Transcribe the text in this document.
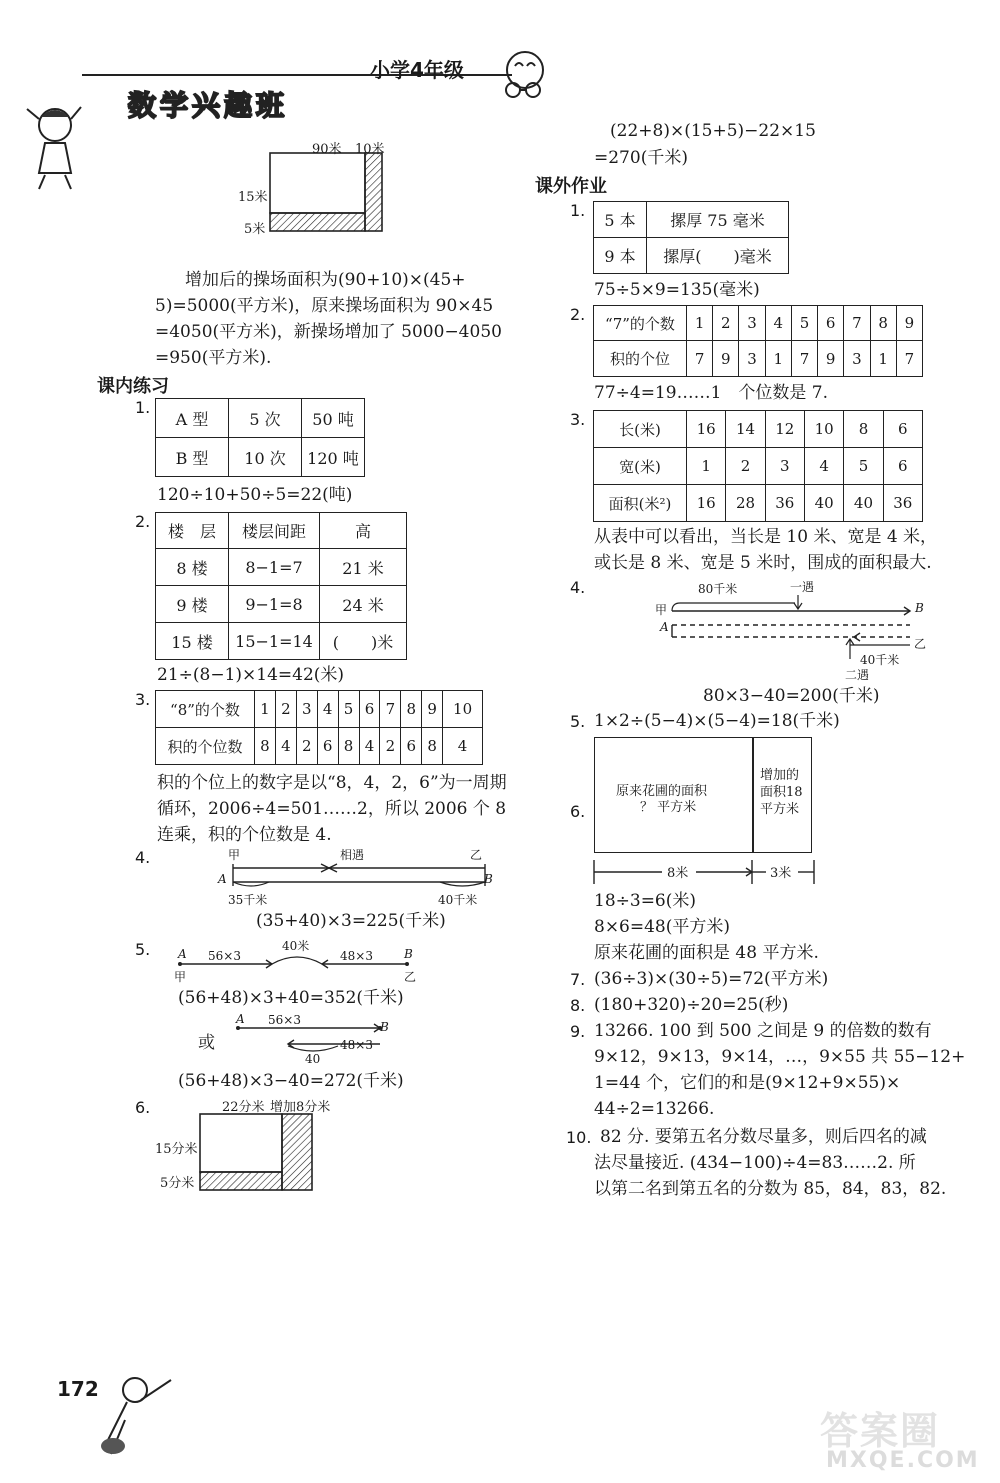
小学4年级
数学兴趣班
90米 10米
15米
5米
增加后的操场面积为(90+10)×(45+
5)=5000(平方米)，原来操场面积为 90×45
=4050(平方米)，新操场增加了 5000−4050
=950(平方米).
课内练习
1.
A 型	5 次	50 吨
B 型	10 次	120 吨
120÷10+50÷5=22(吨)
2.
楼　层	楼层间距	高
8 楼	8−1=7	21 米
9 楼	9−1=8	24 米
15 楼	15−1=14	(　　)米
21÷(8−1)×14=42(米)
3.
“8”的个数	1	2	3	4	5	6	7	8	9	10
积的个位数	8	4	2	6	8	4	2	6	8	4
积的个位上的数字是以“8，4，2，6”为一周期
循环，2006÷4=501……2，所以 2006 个 8
连乘，积的个位数是 4.
4.	甲	相遇	乙
A	B
35千米	40千米
(35+40)×3=225(千米)
5. A
甲
56×3
40米
48×3	B
乙
(56+48)×3+40=352(千米)
或
A 56×3	B
48×3
40
(56+48)×3−40=272(千米)
6.	22分米 增加8分米
15分米
5分米
172
(22+8)×(15+5)−22×15
=270(千米)
课外作业
1.
5 本	摞厚 75 毫米
9 本	摞厚(　　)毫米
75÷5×9=135(毫米)
2. “7”的个数	1	2	3	4	5	6	7	8	9
积的个位	7	9	3	1	7	9	3	1	7
77÷4=19……1　个位数是 7.
3.
长(米)	16	14	12	10	8	6
宽(米)	1	2	3	4	5	6
面积(米²)	16	28	36	40	40	36
从表中可以看出，当长是 10 米、宽是 4 米，
或长是 8 米、宽是 5 米时，围成的面积最大.
4.	80千米	一遇
甲	B
A
乙
40千米
二遇
80×3−40=200(千米)
5. 1×2÷(5−4)×(5−4)=18(千米)
6.
原来花圃的面积
？ 平方米
增加的
面积18
平方米
8米	3米
18÷3=6(米)
8×6=48(平方米)
原来花圃的面积是 48 平方米.
7. (36÷3)×(30÷5)=72(平方米)
8. (180+320)÷20=25(秒)
9. 13266. 100 到 500 之间是 9 的倍数的数有
9×12，9×13，9×14，…，9×55 共 55−12+
1=44 个，它们的和是(9×12+9×55)×
44÷2=13266.
10. 82 分. 要第五名分数尽量多，则后四名的减
法尽量接近. (434−100)÷4=83……2. 所
以第二名到第五名的分数为 85，84，83，82.
答案圈
MXQE.COM
